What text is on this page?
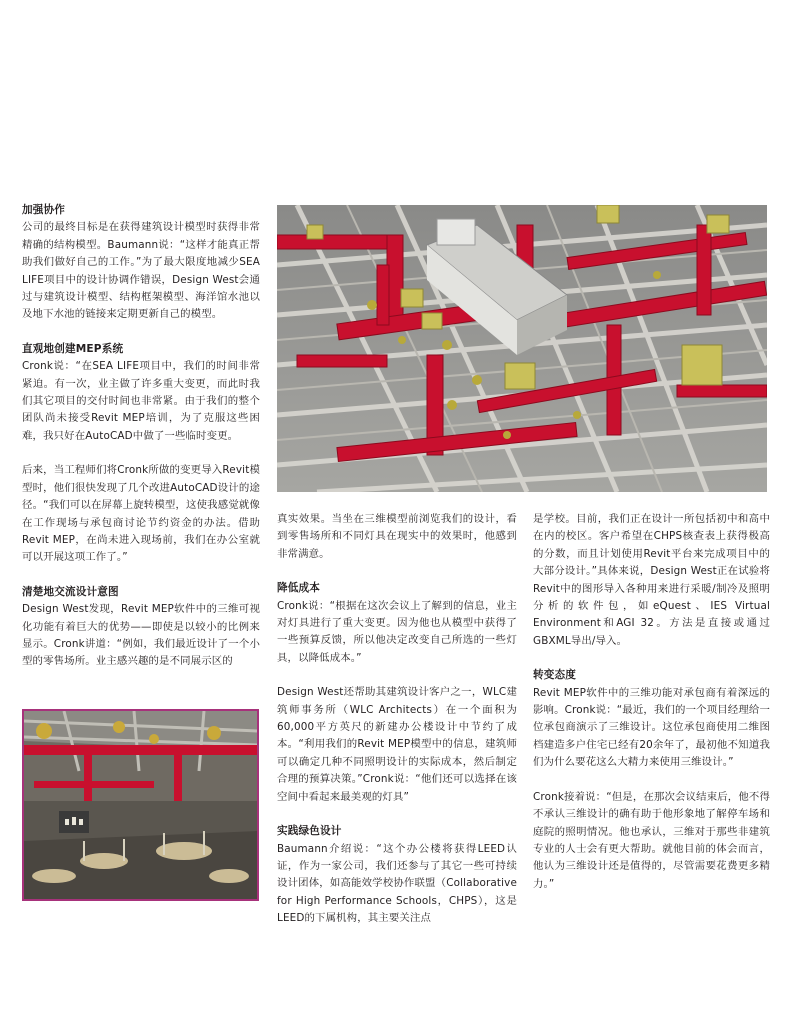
加强协作

公司的最终目标是在获得建筑设计模型时获得非常精确的结构模型。Baumann说：“这样才能真正帮助我们做好自己的工作。”为了最大限度地减少SEA LIFE项目中的设计协调作错误，Design West会通过与建筑设计模型、结构框架模型、海洋馆水池以及地下水池的链接来定期更新自己的模型。

直观地创建MEP系统

Cronk说：“在SEA LIFE项目中，我们的时间非常紧迫。有一次，业主做了许多重大变更，而此时我们其它项目的交付时间也非常紧。由于我们的整个团队尚未接受Revit MEP培训，为了克服这些困难，我只好在AutoCAD中做了一些临时变更。

后来，当工程师们将Cronk所做的变更导入Revit模型时，他们很快发现了几个改进AutoCAD设计的途径。“我们可以在屏幕上旋转模型，这使我感觉就像在工作现场与承包商讨论节约资金的办法。借助Revit MEP，在尚未进入现场前，我们在办公室就可以开展这项工作了。”

清楚地交流设计意图

Design West发现，Revit MEP软件中的三维可视化功能有着巨大的优势——即使是以较小的比例来显示。Cronk讲道：“例如，我们最近设计了一个小型的零售场所。业主感兴趣的是不同展示区的

真实效果。当坐在三维模型前浏览我们的设计，看到零售场所和不同灯具在现实中的效果时，他感到非常满意。

降低成本

Cronk说：“根据在这次会议上了解到的信息，业主对灯具进行了重大变更。因为他也从模型中获得了一些预算反馈，所以他决定改变自己所选的一些灯具，以降低成本。”

Design West还帮助其建筑设计客户之一，WLC建筑师事务所（WLC Architects）在一个面积为60,000平方英尺的新建办公楼设计中节约了成本。“利用我们的Revit MEP模型中的信息，建筑师可以确定几种不同照明设计的实际成本，然后制定合理的预算决策。”Cronk说：“他们还可以选择在该空间中看起来最美观的灯具”

实践绿色设计

Baumann介绍说：“这个办公楼将获得LEED认证，作为一家公司，我们还参与了其它一些可持续设计团体，如高能效学校协作联盟（Collaborative for High Performance Schools，CHPS），这是LEED的下属机构，其主要关注点

是学校。目前，我们正在设计一所包括初中和高中在内的校区。客户希望在CHPS核查表上获得极高的分数，而且计划使用Revit平台来完成项目中的大部分设计。”具体来说，Design West正在试验将Revit中的图形导入各种用来进行采暖/制冷及照明分析的软件包，如eQuest、IES Virtual Environment和AGI 32。方法是直接或通过GBXML导出/导入。

转变态度

Revit MEP软件中的三维功能对承包商有着深远的影响。Cronk说：“最近，我们的一个项目经理给一位承包商演示了三维设计。这位承包商使用二维图档建造多户住宅已经有20余年了，最初他不知道我们为什么要花这么大精力来使用三维设计。”

Cronk接着说：“但是，在那次会议结束后，他不得不承认三维设计的确有助于他形象地了解停车场和庭院的照明情况。他也承认，三维对于那些非建筑专业的人士会有更大帮助。就他目前的体会而言，他认为三维设计还是值得的，尽管需要花费更多精力。”
